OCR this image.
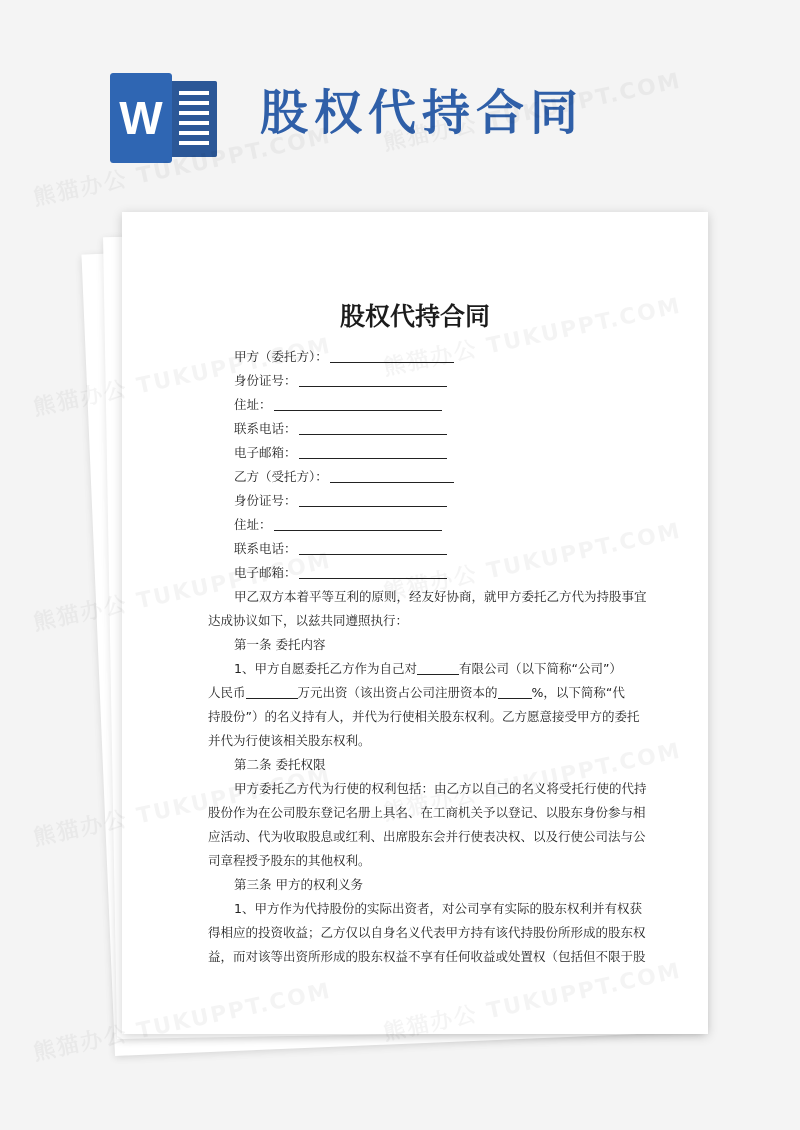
W 股权代持合同
股权代持合同
甲方（委托方）：
身份证号：
住址：
联系电话：
电子邮箱：
乙方（受托方）：
身份证号：
住址：
联系电话：
电子邮箱：
甲乙双方本着平等互利的原则，经友好协商，就甲方委托乙方代为持股事宜
达成协议如下，以兹共同遵照执行：
第一条 委托内容
1、甲方自愿委托乙方作为自己对	有限公司（以下简称“公司”）
人民币	万元出资（该出资占公司注册资本的	%，以下简称“代
持股份”）的名义持有人，并代为行使相关股东权利。乙方愿意接受甲方的委托
并代为行使该相关股东权利。
第二条 委托权限
甲方委托乙方代为行使的权利包括：由乙方以自己的名义将受托行使的代持
股份作为在公司股东登记名册上具名、在工商机关予以登记、以股东身份参与相
应活动、代为收取股息或红利、出席股东会并行使表决权、以及行使公司法与公
司章程授予股东的其他权利。
第三条 甲方的权利义务
1、甲方作为代持股份的实际出资者，对公司享有实际的股东权利并有权获
得相应的投资收益；乙方仅以自身名义代表甲方持有该代持股份所形成的股东权
益，而对该等出资所形成的股东权益不享有任何收益或处置权（包括但不限于股
